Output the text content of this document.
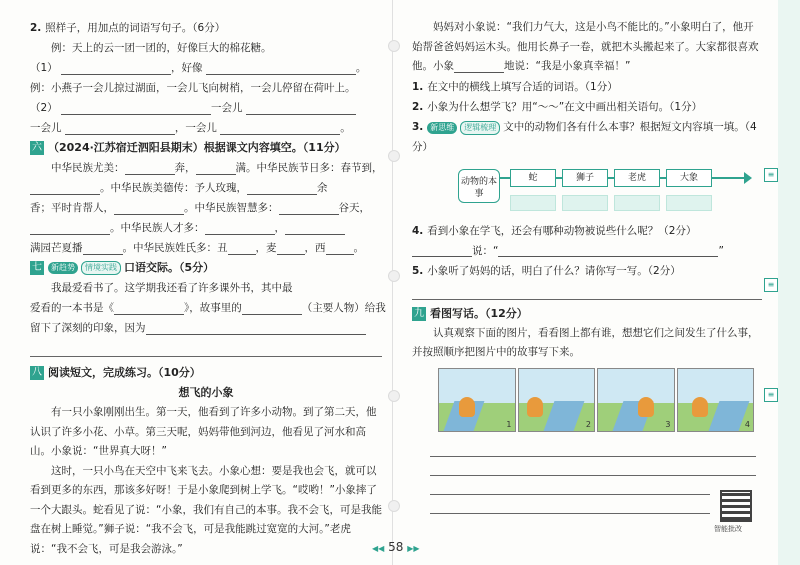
2. 照样子，用加点的词语写句子。（6分）
例：天上的云一团一团的，好像巨大的棉花糖。
（1）	，好像	。
例：小燕子一会儿掠过湖面，一会儿飞向树梢，一会儿停留在荷叶上。
（2）	一会儿
一会儿	，一会儿	。
六 （2024·江苏宿迁泗阳县期末）根据课文内容填空。（11分）
中华民族尤美：	奔，	满。中华民族节日多：春节到，
。中华民族美德传：予人玫瑰，	余
香；平时肯帮人，	。中华民族智慧多：	谷天，
。中华民族人才多：	，
满园芒夏播	。中华民族姓氏多：丑	，麦	，西	。
七	新趋势	情境实践 口语交际。（5分）
我最爱看书了。这学期我还看了许多课外书，其中最
爱看的一本书是《	》，故事里的	（主要人物）给我
留下了深刻的印象，因为
八 阅读短文，完成练习。（10分）
想飞的小象
有一只小象刚刚出生。第一天，他看到了许多小动物。到了第二天，他认识了许多小花、小草。第三天呢，妈妈带他到河边，他看见了河水和高山。小象说：“世界真大呀！”
这时，一只小鸟在天空中飞来飞去。小象心想：要是我也会飞，就可以看到更多的东西，那该多好呀！于是小象爬到树上学飞。“哎哟！”小象摔了一个大跟头。蛇看见了说：“小象，我们有自己的本事。我不会飞，可是我能盘在树上睡觉。”狮子说：“我不会飞，可是我能跳过宽宽的大河。”老虎说：“我不会飞，可是我会游泳。”
妈妈对小象说：“我们力气大，这是小鸟不能比的。”小象明白了，他开始帮爸爸妈妈运木头。他用长鼻子一卷，就把木头搬起来了。大家都很喜欢他。小象	地说：“我是小象真幸福！”
1. 在文中的横线上填写合适的词语。（1分）
2. 小象为什么想学飞？用“～～”在文中画出相关语句。（1分）
3. 新思维 逻辑梳理 文中的动物们各有什么本事？根据短文内容填一填。（4分）
4. 看到小象在学飞，还会有哪种动物被说些什么呢？（2分）
说：“	”
5. 小象听了妈妈的话，明白了什么？请你写一写。（2分）
九 看图写话。（12分）
认真观察下面的图片，看看图上都有谁，想想它们之间发生了什么事，并按照顺序把图片中的故事写下来。
动物的本事
蛇	狮子	老虎	大象
1	2	3	4
智能批改
≡
≡
≡
◀◀ 58 ▶▶
